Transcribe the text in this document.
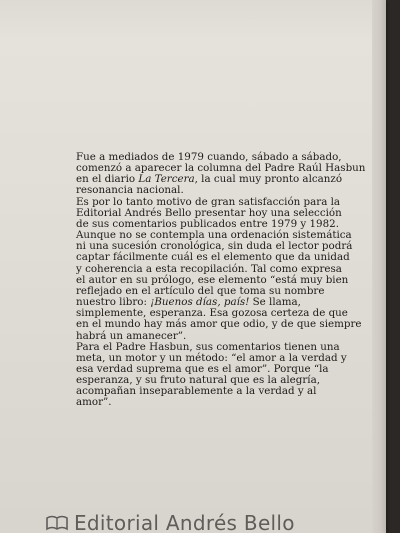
Fue a mediados de 1979 cuando, sábado a sábado,
comenzó a aparecer la columna del Padre Raúl Hasbun
en el diario La Tercera, la cual muy pronto alcanzó
resonancia nacional.

Es por lo tanto motivo de gran satisfacción para la
Editorial Andrés Bello presentar hoy una selección
de sus comentarios publicados entre 1979 y 1982.
Aunque no se contempla una ordenación sistemática
ni una sucesión cronológica, sin duda el lector podrá
captar fácilmente cuál es el elemento que da unidad
y coherencia a esta recopilación. Tal como expresa
el autor en su prólogo, ese elemento “está muy bien
reflejado en el artículo del que toma su nombre
nuestro libro: ¡Buenos días, país! Se llama,
simplemente, esperanza. Esa gozosa certeza de que
en el mundo hay más amor que odio, y de que siempre
habrá un amanecer”.

Para el Padre Hasbun, sus comentarios tienen una
meta, un motor y un método: “el amor a la verdad y
esa verdad suprema que es el amor”. Porque “la
esperanza, y su fruto natural que es la alegría,
acompañan inseparablemente a la verdad y al
amor”.

Editorial Andrés Bello
